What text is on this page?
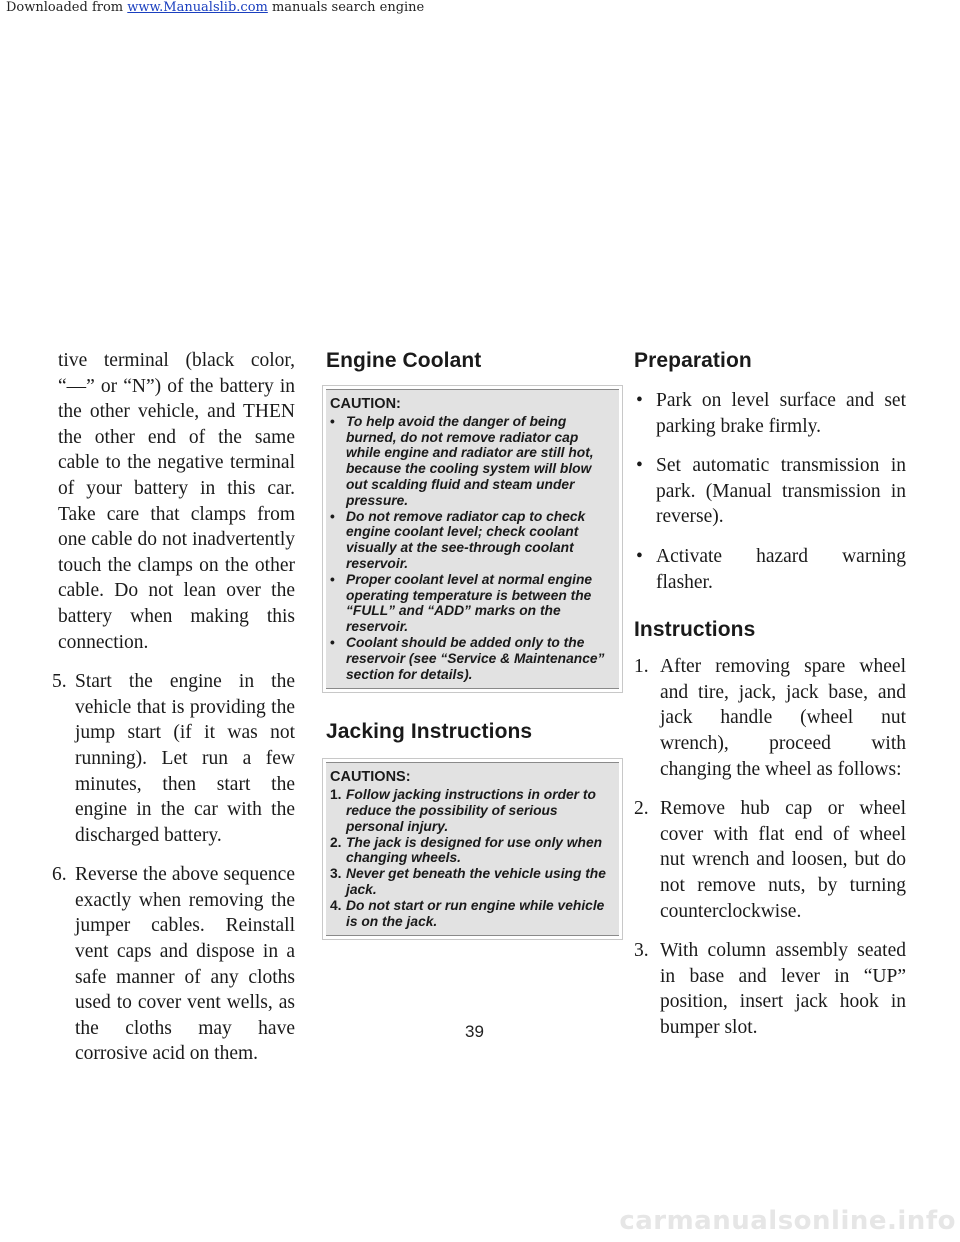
Downloaded from www.Manualslib.com manuals search engine

tive terminal (black color, “—” or “N”) of the battery in the other vehicle, and THEN the other end of the same cable to the negative terminal of your battery in this car. Take care that clamps from one cable do not inadvertently touch the clamps on the other cable. Do not lean over the battery when making this connection.

5. Start the engine in the vehicle that is providing the jump start (if it was not running). Let run a few minutes, then start the engine in the car with the discharged battery.
6. Reverse the above sequence exactly when removing the jumper cables. Reinstall vent caps and dispose in a safe manner of any cloths used to cover vent wells, as the cloths may have corrosive acid on them.
Engine Coolant
CAUTION:
• To help avoid the danger of being burned, do not remove radiator cap while engine and radiator are still hot, because the cooling system will blow out scalding fluid and steam under pressure.
• Do not remove radiator cap to check engine coolant level; check coolant visually at the see-through coolant reservoir.
• Proper coolant level at normal engine operating temperature is between the “FULL” and “ADD” marks on the reservoir.
• Coolant should be added only to the reservoir (see “Service & Maintenance” section for details).
Jacking Instructions
CAUTIONS:
1. Follow jacking instructions in order to reduce the possibility of serious personal injury.
2. The jack is designed for use only when changing wheels.
3. Never get beneath the vehicle using the jack.
4. Do not start or run engine while vehicle is on the jack.
Preparation
• Park on level surface and set parking brake firmly.
• Set automatic transmission in park. (Manual transmission in reverse).
• Activate hazard warning flasher.
Instructions
1. After removing spare wheel and tire, jack, jack base, and jack handle (wheel nut wrench), proceed with changing the wheel as follows:
2. Remove hub cap or wheel cover with flat end of wheel nut wrench and loosen, but do not remove nuts, by turning counterclockwise.
3. With column assembly seated in base and lever in “UP” position, insert jack hook in bumper slot.
39
carmanualsonline.info
